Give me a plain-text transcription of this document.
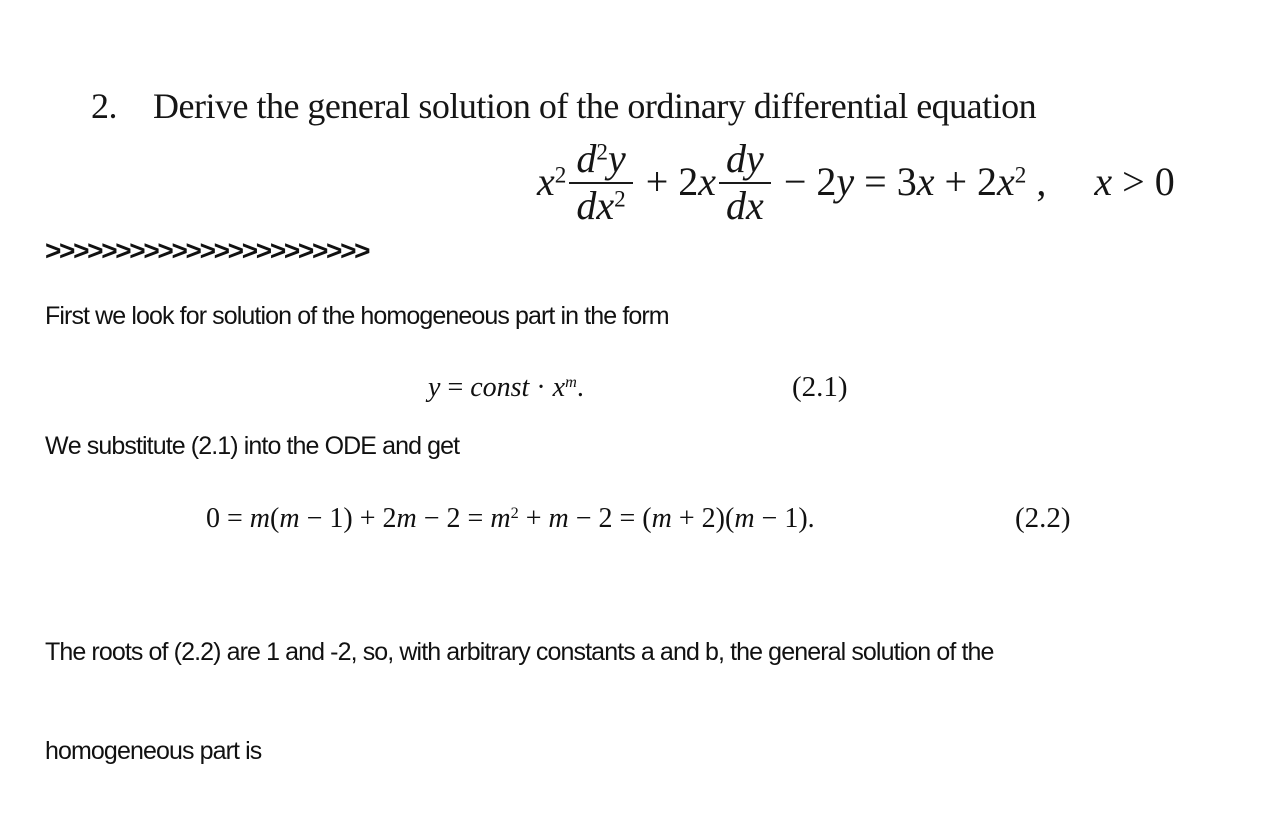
2. Derive the general solution of the ordinary differential equation

$x^2 \frac{d^2y}{dx^2} + 2x \frac{dy}{dx} - 2y = 3x + 2x^2$ , x > 0
>>>>>>>>>>>>>>>>>>>>>>>
First we look for solution of the homogeneous part in the form
y = const · $x^m$.	(2.1)
We substitute (2.1) into the ODE and get
$0 = m(m - 1) + 2m - 2 = m^2 + m - 2 = (m + 2)(m - 1)$.	(2.2)

The roots of (2.2) are 1 and -2, so, with arbitrary constants a and b, the general solution of the

homogeneous part is
